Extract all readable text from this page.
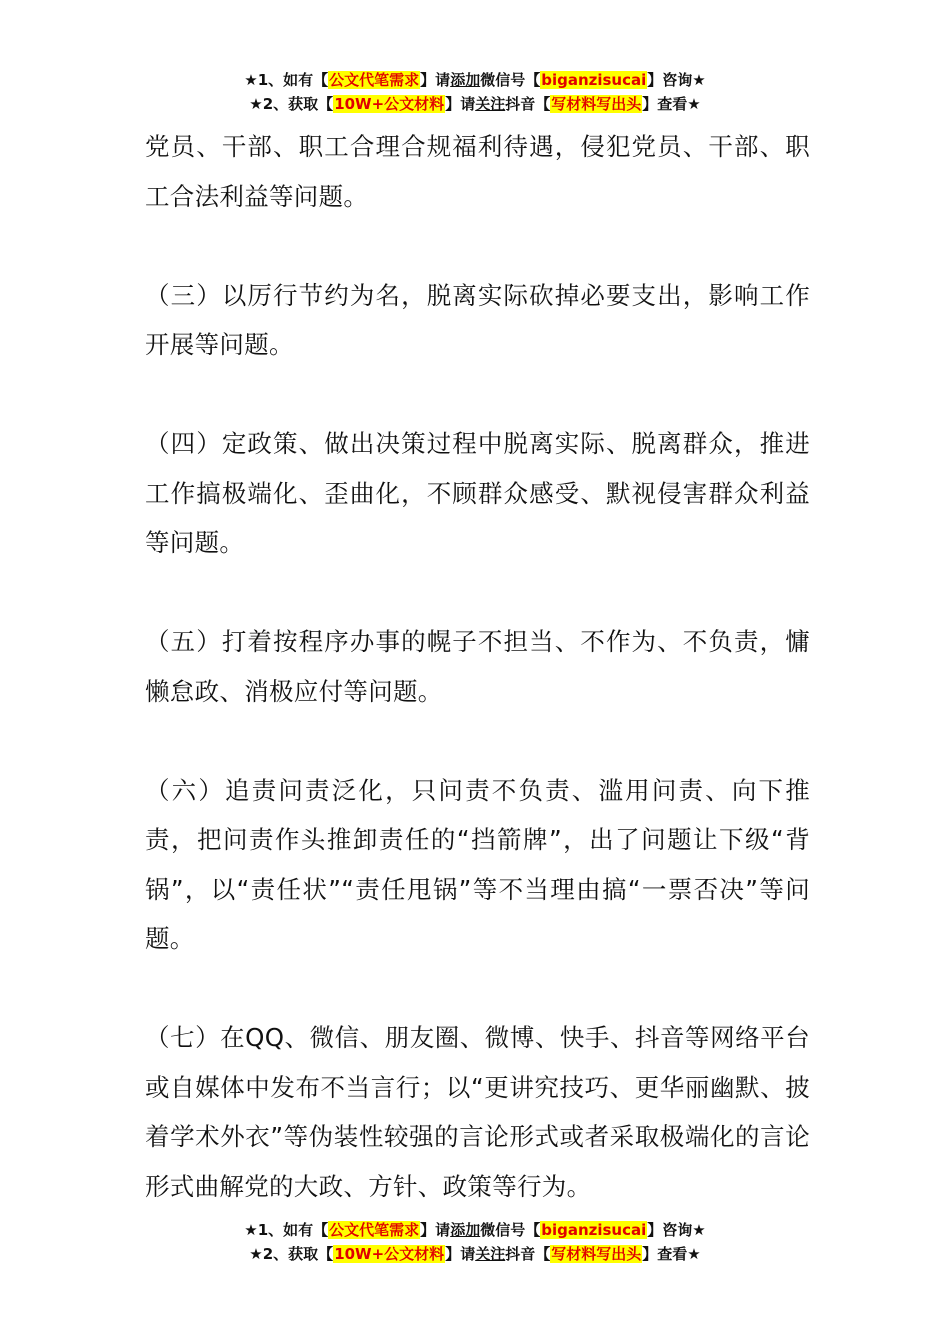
★1、如有【公文代笔需求】请添加微信号【biganzisucai】咨询★
★2、获取【10W+公文材料】请关注抖音【写材料写出头】查看★

党员、干部、职工合理合规福利待遇，侵犯党员、干部、职工合法利益等问题。

（三）以厉行节约为名，脱离实际砍掉必要支出，影响工作开展等问题。

（四）定政策、做出决策过程中脱离实际、脱离群众，推进工作搞极端化、歪曲化，不顾群众感受、默视侵害群众利益等问题。

（五）打着按程序办事的幌子不担当、不作为、不负责，慵懒怠政、消极应付等问题。

（六）追责问责泛化，只问责不负责、滥用问责、向下推责，把问责作头推卸责任的“挡箭牌”，出了问题让下级“背锅”，以“责任状”“责任甩锅”等不当理由搞“一票否决”等问题。

（七）在QQ、微信、朋友圈、微博、快手、抖音等网络平台或自媒体中发布不当言行；以“更讲究技巧、更华丽幽默、披着学术外衣”等伪装性较强的言论形式或者采取极端化的言论形式曲解党的大政、方针、政策等行为。

★1、如有【公文代笔需求】请添加微信号【biganzisucai】咨询★
★2、获取【10W+公文材料】请关注抖音【写材料写出头】查看★
